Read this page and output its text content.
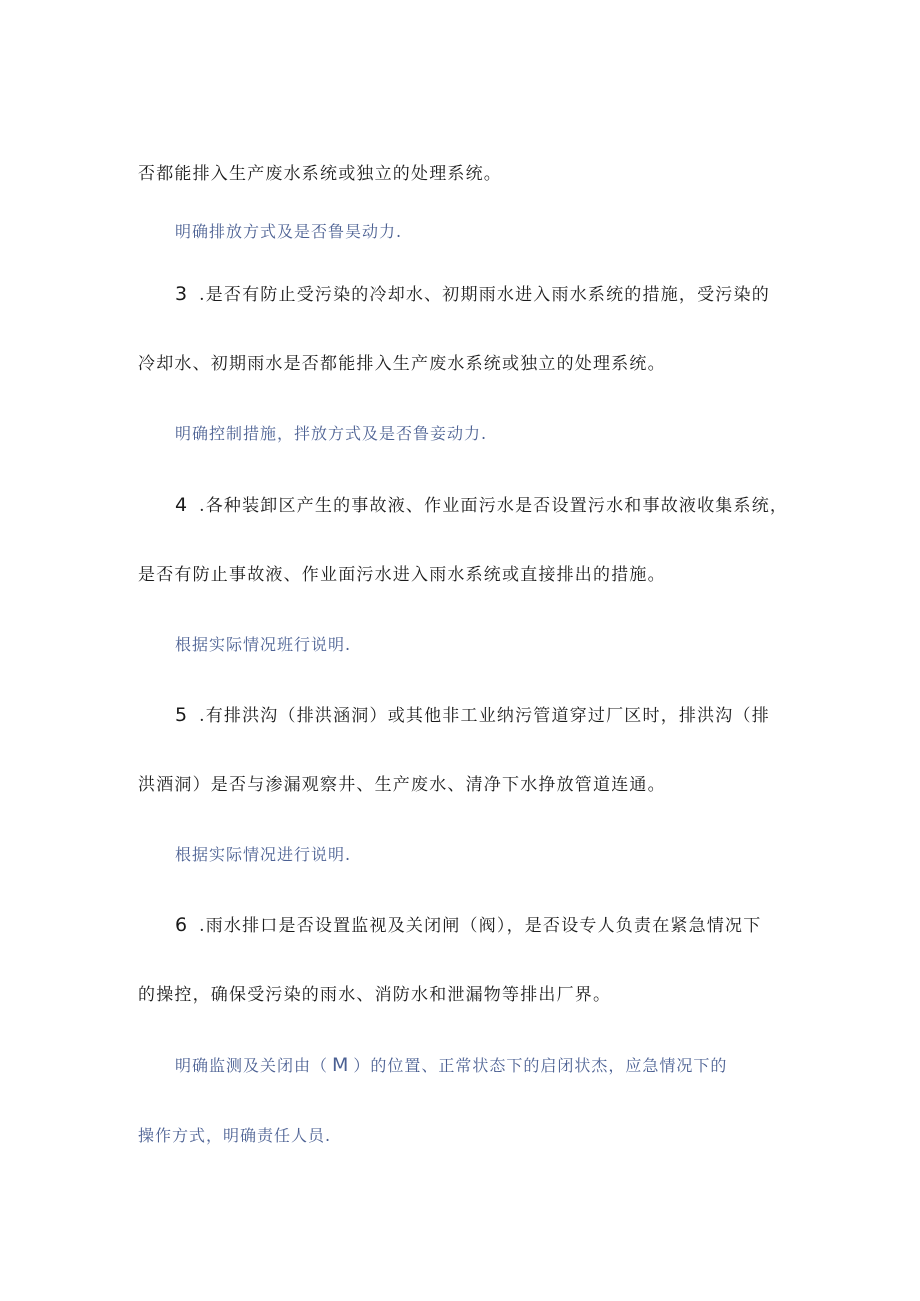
否都能排入生产废水系统或独立的处理系统。
明确排放方式及是否鲁昊动力.
3 .是否有防止受污染的冷却水、初期雨水进入雨水系统的措施，受污染的
冷却水、初期雨水是否都能排入生产废水系统或独立的处理系统。
明确控制措施，拌放方式及是否鲁妾动力.
4 .各种装卸区产生的事故液、作业面污水是否设置污水和事故液收集系统，
是否有防止事故液、作业面污水进入雨水系统或直接排出的措施。
根据实际情况班行说明.
5 .有排洪沟（排洪涵洞）或其他非工业纳污管道穿过厂区时，排洪沟（排
洪酒洞）是否与渗漏观察井、生产废水、清净下水挣放管道连通。
根据实际情况进行说明.
6 .雨水排口是否设置监视及关闭闸（阀），是否设专人负责在紧急情况下
的操控，确保受污染的雨水、消防水和泄漏物等排出厂界。
明确监测及关闭由（ M ）的位置、正常状态下的启闭状杰，应急情况下的
操作方式，明确责任人员.
